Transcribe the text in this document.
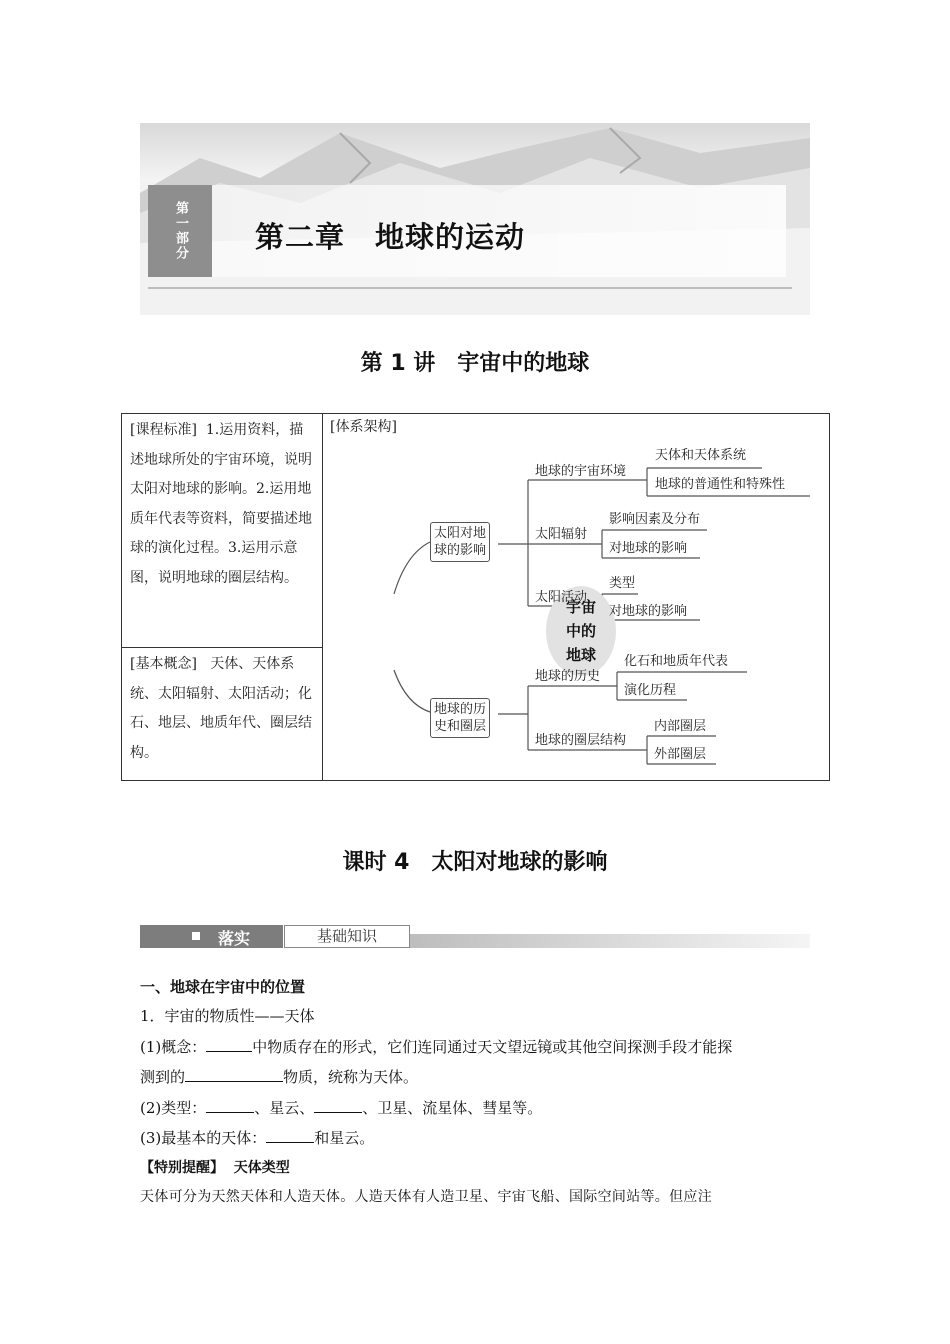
第一部分 第二章　地球的运动
第 1 讲　宇宙中的地球
[课程标准] 1.运用资料，描述地球所处的宇宙环境，说明太阳对地球的影响。2.运用地质年代表等资料，简要描述地球的演化过程。3.运用示意图，说明地球的圈层结构。
[基本概念] 天体、天体系统、太阳辐射、太阳活动；化石、地层、地质年代、圈层结构。
[体系架构]
宇宙
中的
地球
太阳对地
球的影响
地球的历
史和圈层
地球的宇宙环境
天体和天体系统
地球的普通性和特殊性
太阳辐射
影响因素及分布
对地球的影响
太阳活动
类型
对地球的影响
地球的历史
化石和地质年代表
演化历程
地球的圈层结构
内部圈层
外部圈层
课时 4　太阳对地球的影响
落实	基础知识
一、地球在宇宙中的位置
1．宇宙的物质性——天体
(1)概念：	中物质存在的形式，它们连同通过天文望远镜或其他空间探测手段才能探
测到的	物质，统称为天体。
(2)类型：	、星云、	、卫星、流星体、彗星等。
(3)最基本的天体：	和星云。
【特别提醒】 天体类型
天体可分为天然天体和人造天体。人造天体有人造卫星、宇宙飞船、国际空间站等。但应注
